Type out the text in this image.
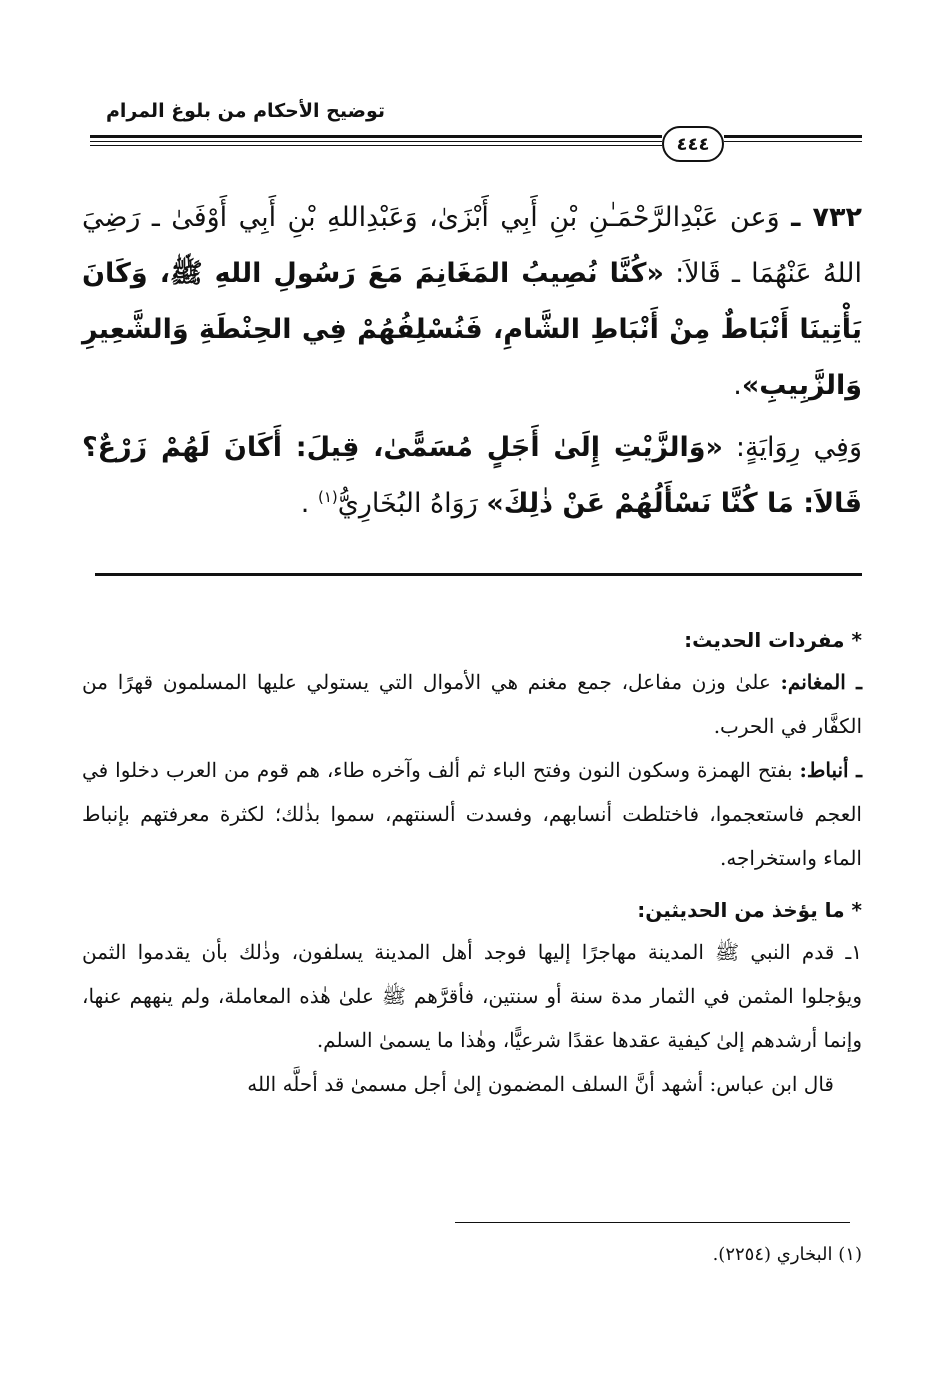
توضيح الأحكام من بلوغ المرام
٤٤٤

٧٣٢ ـ وَعن عَبْدِالرَّحْمَـٰنِ بْنِ أَبِي أَبْزَىٰ، وَعَبْدِاللهِ بْنِ أَبِي أَوْفَىٰ ـ رَضِيَ اللهُ عَنْهُمَا ـ قَالاَ: «كُنَّا نُصِيبُ المَغَانِمَ مَعَ رَسُولِ اللهِ ﷺ، وَكَانَ يَأْتِينَا أَنْبَاطٌ مِنْ أَنْبَاطِ الشَّامِ، فَنُسْلِفُهُمْ فِي الحِنْطَةِ وَالشَّعِيرِ وَالزَّبِيبِ».

وَفِي رِوَايَةٍ: «وَالزَّيْتِ إِلَىٰ أَجَلٍ مُسَمًّىٰ، قِيلَ: أَكَانَ لَهُمْ زَرْعٌ؟ قَالاَ: مَا كُنَّا نَسْأَلُهُمْ عَنْ ذٰلِكَ» رَوَاهُ البُخَارِيُّ$^{(١)}$ .

* مفردات الحديث:

ـ المغانم: علىٰ وزن مفاعل، جمع مغنم هي الأموال التي يستولي عليها المسلمون قهرًا من الكفَّار في الحرب.

ـ أنباط: بفتح الهمزة وسكون النون وفتح الباء ثم ألف وآخره طاء، هم قوم من العرب دخلوا في العجم فاستعجموا، فاختلطت أنسابهم، وفسدت ألسنتهم، سموا بذٰلك؛ لكثرة معرفتهم بإنباط الماء واستخراجه.

* ما يؤخذ من الحديثين:

١ـ قدم النبي ﷺ المدينة مهاجرًا إليها فوجد أهل المدينة يسلفون، وذٰلك بأن يقدموا الثمن ويؤجلوا المثمن في الثمار مدة سنة أو سنتين، فأقرَّهم ﷺ علىٰ هٰذه المعاملة، ولم ينههم عنها، وإنما أرشدهم إلىٰ كيفية عقدها عقدًا شرعيًّا، وهٰذا ما يسمىٰ السلم.

قال ابن عباس: أشهد أنَّ السلف المضمون إلىٰ أجل مسمىٰ قد أحلَّه الله

(١) البخاري (٢٢٥٤).
